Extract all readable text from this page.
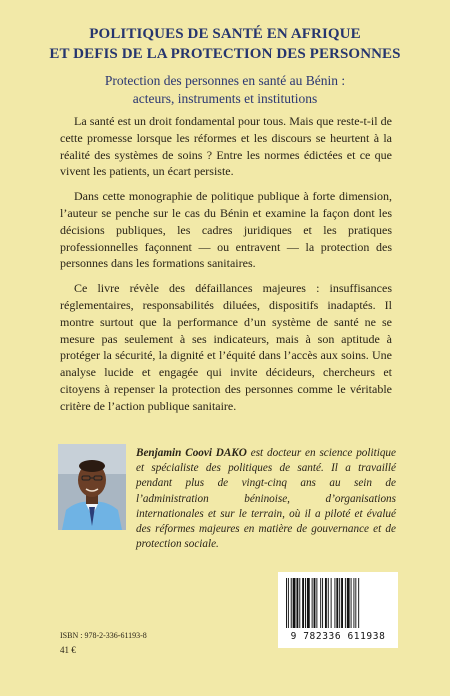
POLITIQUES DE SANTÉ EN AFRIQUE
ET DEFIS DE LA PROTECTION DES PERSONNES
Protection des personnes en santé au Bénin :
acteurs, instruments et institutions

La santé est un droit fondamental pour tous. Mais que reste-t-il de cette promesse lorsque les réformes et les discours se heurtent à la réalité des systèmes de soins ? Entre les normes édictées et ce que vivent les patients, un écart persiste.

Dans cette monographie de politique publique à forte dimension, l’auteur se penche sur le cas du Bénin et examine la façon dont les décisions publiques, les cadres juridiques et les pratiques professionnelles façonnent — ou entravent — la protection des personnes dans les formations sanitaires.

Ce livre révèle des défaillances majeures : insuffisances réglementaires, responsabilités diluées, dispositifs inadaptés. Il montre surtout que la performance d’un système de santé ne se mesure pas seulement à ses indicateurs, mais à son aptitude à protéger la sécurité, la dignité et l’équité dans l’accès aux soins. Une analyse lucide et engagée qui invite décideurs, chercheurs et citoyens à repenser la protection des personnes comme le véritable critère de l’action publique sanitaire.

Benjamin Coovi DAKO est docteur en science politique et spécialiste des politiques de santé. Il a travaillé pendant plus de vingt-cinq ans au sein de l’administration béninoise, d’organisations internationales et sur le terrain, où il a piloté et évalué des réformes majeures en matière de gouvernance et de protection sociale.
ISBN : 978-2-336-61193-8
41 €
9 782336 611938
